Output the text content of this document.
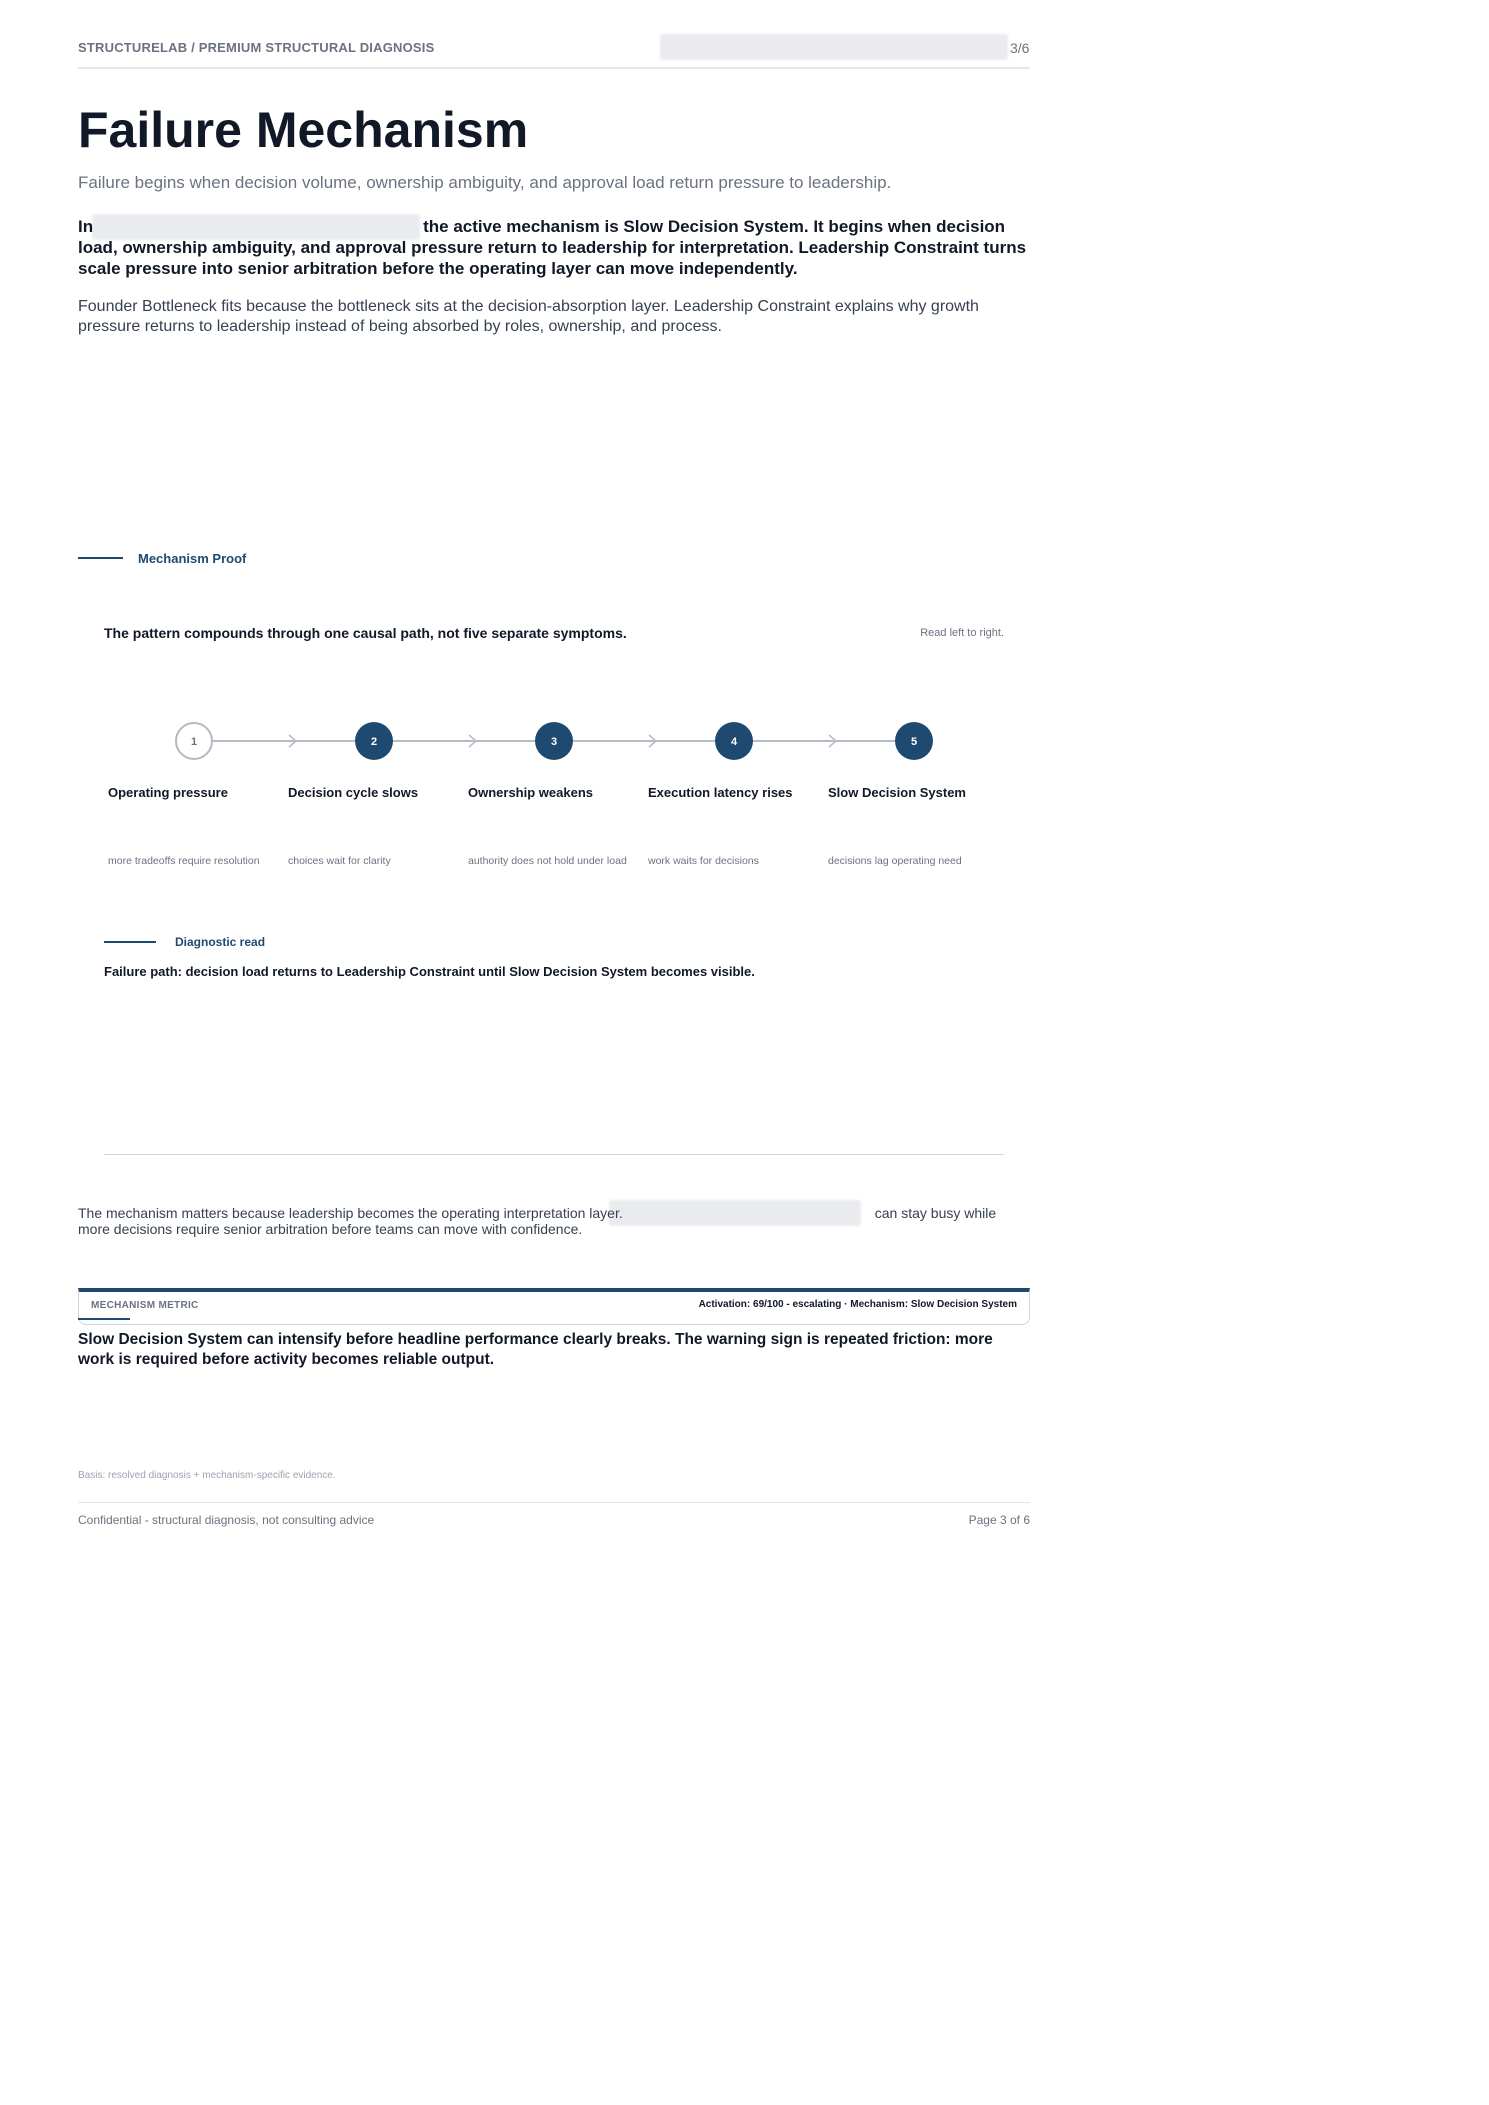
STRUCTURELAB / PREMIUM STRUCTURAL DIAGNOSIS	3/6
Failure Mechanism
Failure begins when decision volume, ownership ambiguity, and approval load return pressure to leadership.
In	the active mechanism is Slow Decision System. It begins when decision load, ownership ambiguity, and approval pressure return to leadership for interpretation. Leadership Constraint turns scale pressure into senior arbitration before the operating layer can move independently.
Founder Bottleneck fits because the bottleneck sits at the decision-absorption layer. Leadership Constraint explains why growth pressure returns to leadership instead of being absorbed by roles, ownership, and process.
Mechanism Proof
The pattern compounds through one causal path, not five separate symptoms.	Read left to right.
1
Operating pressure
more tradeoffs require resolution
2
Decision cycle slows
choices wait for clarity
3
Ownership weakens
authority does not hold under load
4
Execution latency rises
work waits for decisions
5
Slow Decision System
decisions lag operating need
Diagnostic read
Failure path: decision load returns to Leadership Constraint until Slow Decision System becomes visible.
The mechanism matters because leadership becomes the operating interpretation layer.	can stay busy while more decisions require senior arbitration before teams can move with confidence.
MECHANISM METRIC	Activation: 69/100 - escalating · Mechanism: Slow Decision System
Slow Decision System can intensify before headline performance clearly breaks. The warning sign is repeated friction: more work is required before activity becomes reliable output.
Basis: resolved diagnosis + mechanism-specific evidence.
Confidential - structural diagnosis, not consulting advice	Page 3 of 6
